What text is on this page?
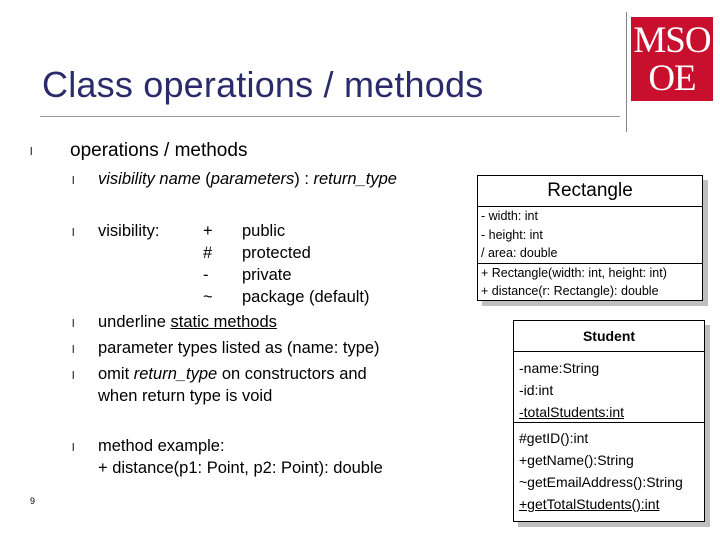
Class operations / methods
MSO
OE
l operations / methods
l visibility name (parameters) : return_type
l visibility:	+ public
# protected
- private
~ package (default)
l underline static methods
l parameter types listed as (name: type)
l omit return_type on constructors and
when return type is void
l method example:
+ distance(p1: Point, p2: Point): double
9
Rectangle
- width: int
- height: int
/ area: double
+ Rectangle(width: int, height: int)
+ distance(r: Rectangle): double
Student
-name:String
-id:int
-totalStudents:int
#getID():int
+getName():String
~getEmailAddress():String
+getTotalStudents():int
